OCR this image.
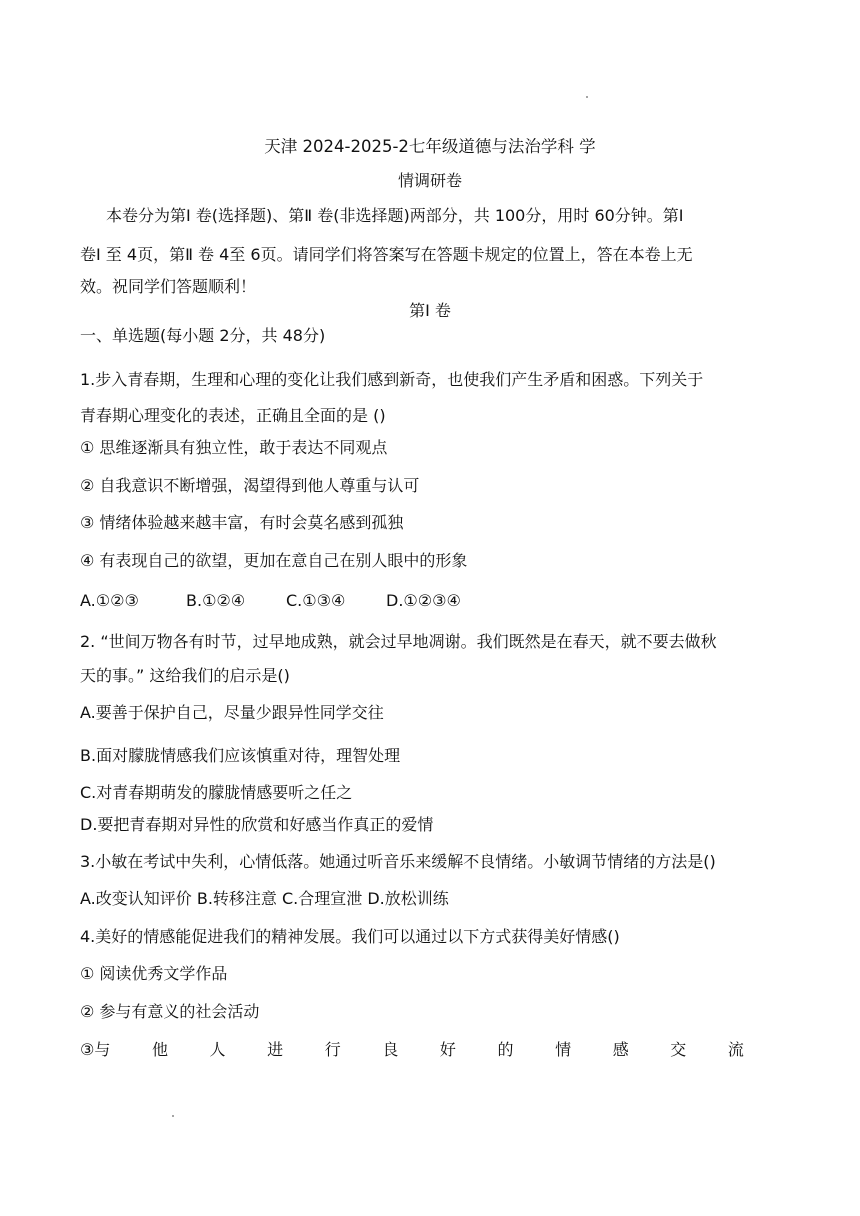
天津 2024-2025-2七年级道德与法治学科 学
情调研卷
本卷分为第Ⅰ 卷(选择题)、第Ⅱ 卷(非选择题)两部分，共 100分，用时 60分钟。第Ⅰ
卷Ⅰ 至 4页，第Ⅱ 卷 4至 6页。请同学们将答案写在答题卡规定的位置上，答在本卷上无
效。祝同学们答题顺利！
第Ⅰ 卷
一、单选题(每小题 2分，共 48分)
1.步入青春期，生理和心理的变化让我们感到新奇，也使我们产生矛盾和困惑。下列关于
青春期心理变化的表述，正确且全面的是 ()
① 思维逐渐具有独立性，敢于表达不同观点
② 自我意识不断增强，渴望得到他人尊重与认可
③ 情绪体验越来越丰富，有时会莫名感到孤独
④ 有表现自己的欲望，更加在意自己在别人眼中的形象
A.①②③	B.①②④	C.①③④	D.①②③④
2. “世间万物各有时节，过早地成熟，就会过早地凋谢。我们既然是在春天，就不要去做秋
天的事。” 这给我们的启示是()
A.要善于保护自己，尽量少跟异性同学交往
B.面对朦胧情感我们应该慎重对待，理智处理
C.对青春期萌发的朦胧情感要听之任之
D.要把青春期对异性的欣赏和好感当作真正的爱情
3.小敏在考试中失利，心情低落。她通过听音乐来缓解不良情绪。小敏调节情绪的方法是()
A.改变认知评价 B.转移注意 C.合理宣泄 D.放松训练
4.美好的情感能促进我们的精神发展。我们可以通过以下方式获得美好情感()
① 阅读优秀文学作品
② 参与有意义的社会活动
③与	他	人	进	行	良	好	的	情	感	交	流
